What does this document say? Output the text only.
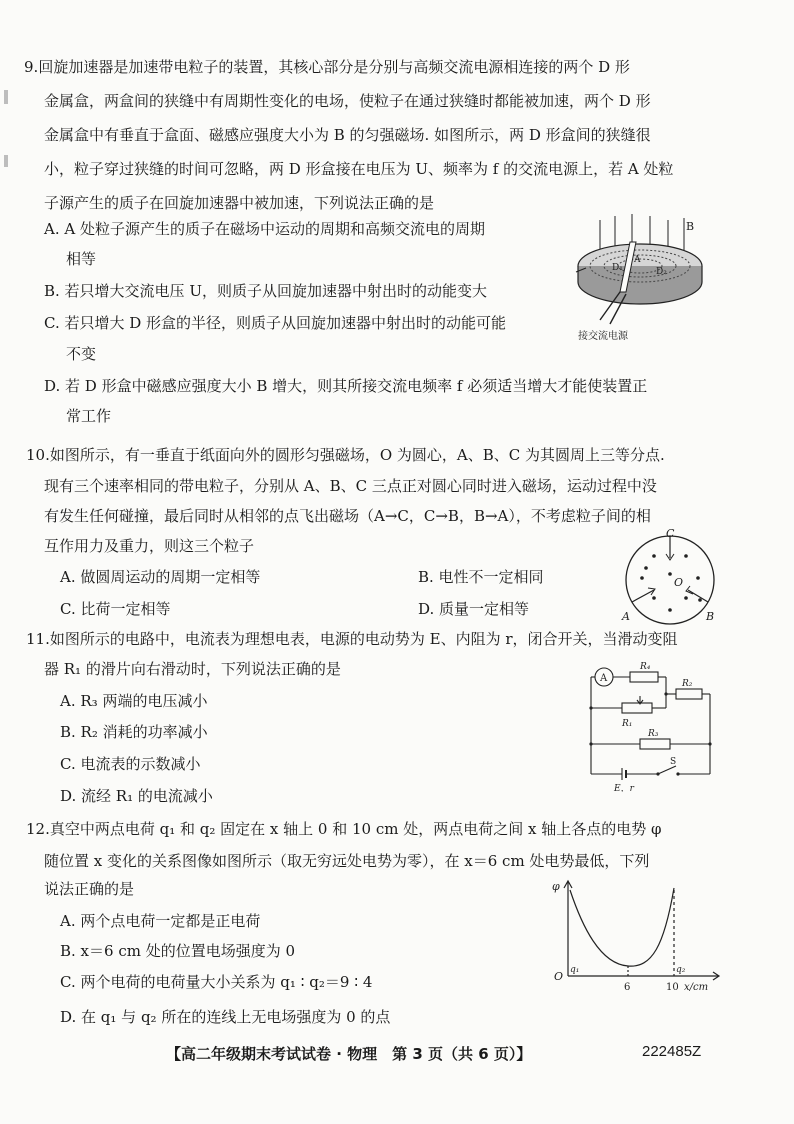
9.回旋加速器是加速带电粒子的装置，其核心部分是分别与高频交流电源相连接的两个 D 形
金属盒，两盒间的狭缝中有周期性变化的电场，使粒子在通过狭缝时都能被加速，两个 D 形
金属盒中有垂直于盒面、磁感应强度大小为 B 的匀强磁场. 如图所示，两 D 形盒间的狭缝很
小，粒子穿过狭缝的时间可忽略，两 D 形盒接在电压为 U、频率为 f 的交流电源上，若 A 处粒
子源产生的质子在回旋加速器中被加速，下列说法正确的是
A. A 处粒子源产生的质子在磁场中运动的周期和高频交流电的周期
相等
B. 若只增大交流电压 U，则质子从回旋加速器中射出时的动能变大
C. 若只增大 D 形盒的半径，则质子从回旋加速器中射出时的动能可能
不变
D. 若 D 形盒中磁感应强度大小 B 增大，则其所接交流电频率 f 必须适当增大才能使装置正
常工作
B
A
D₁	D₂
接交流电源
10.如图所示，有一垂直于纸面向外的圆形匀强磁场，O 为圆心，A、B、C 为其圆周上三等分点.
现有三个速率相同的带电粒子，分别从 A、B、C 三点正对圆心同时进入磁场，运动过程中没
有发生任何碰撞，最后同时从相邻的点飞出磁场（A→C，C→B，B→A），不考虑粒子间的相
互作用力及重力，则这三个粒子
A. 做圆周运动的周期一定相等	B. 电性不一定相同
C. 比荷一定相等	D. 质量一定相等
C
O
A	B
11.如图所示的电路中，电流表为理想电表，电源的电动势为 E、内阻为 r，闭合开关，当滑动变阻
器 R₁ 的滑片向右滑动时，下列说法正确的是
A. R₃ 两端的电压减小
B. R₂ 消耗的功率减小
C. 电流表的示数减小
D. 流经 R₁ 的电流减小
A
R₄
R₂
R₁
R₃
S
E，r
12.真空中两点电荷 q₁ 和 q₂ 固定在 x 轴上 0 和 10 cm 处，两点电荷之间 x 轴上各点的电势 φ
随位置 x 变化的关系图像如图所示（取无穷远处电势为零），在 x＝6 cm 处电势最低，下列
说法正确的是
A. 两个点电荷一定都是正电荷
B. x＝6 cm 处的位置电场强度为 0
C. 两个电荷的电荷量大小关系为 q₁ ∶ q₂＝9 ∶ 4
D. 在 q₁ 与 q₂ 所在的连线上无电场强度为 0 的点
φ
O q₁	q₂
6	10 x/cm
【高二年级期末考试试卷 · 物理　第 3 页（共 6 页）】	222485Z
